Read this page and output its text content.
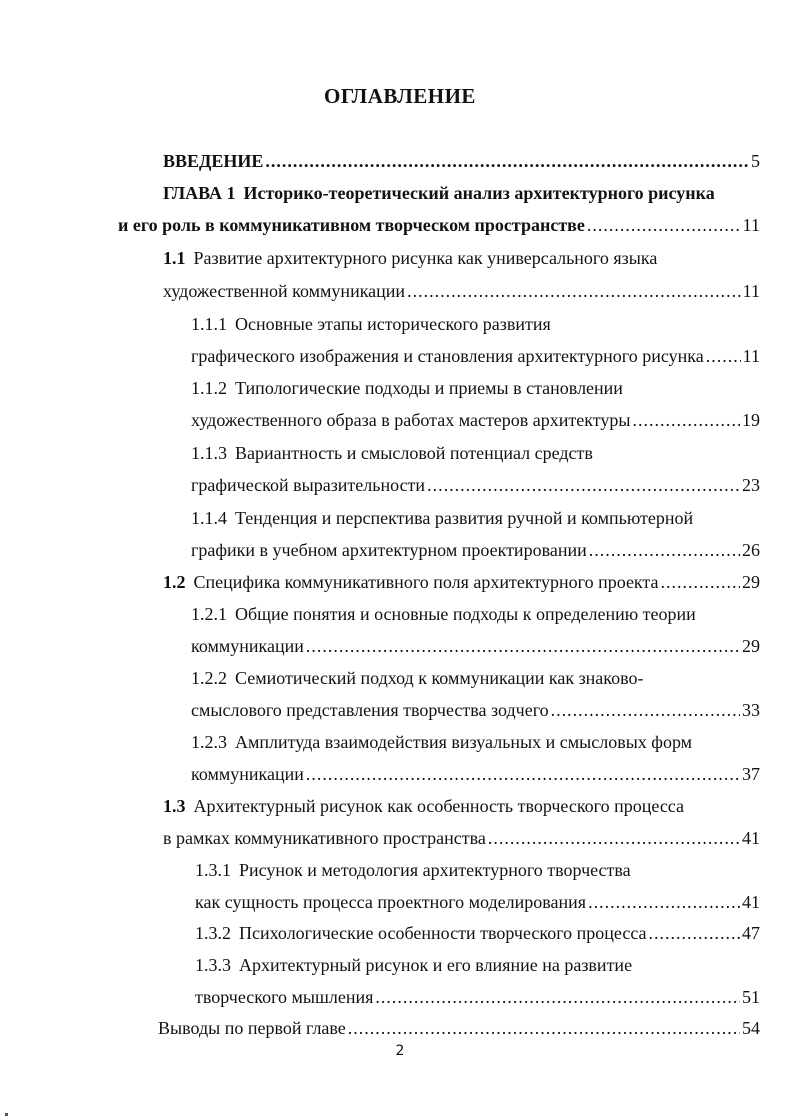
ОГЛАВЛЕНИЕ
ВВЕДЕНИЕ .....	5
ГЛАВА 1 Историко-теоретический анализ архитектурного рисунка
и его роль в коммуникативном творческом пространстве .....	11
1.1 Развитие архитектурного рисунка как универсального языка
художественной коммуникации .....	11
1.1.1 Основные этапы исторического развития
графического изображения и становления архитектурного рисунка ..... 11
1.1.2 Типологические подходы и приемы в становлении
художественного образа в работах мастеров архитектуры .....	19
1.1.3 Вариантность и смысловой потенциал средств
графической выразительности .....	23
1.1.4 Тенденция и перспектива развития ручной и компьютерной
графики в учебном архитектурном проектировании .....	26
1.2 Специфика коммуникативного поля архитектурного проекта .....	29
1.2.1 Общие понятия и основные подходы к определению теории
коммуникации .....	29
1.2.2 Семиотический подход к коммуникации как знаково-
смыслового представления творчества зодчего .....	33
1.2.3 Амплитуда взаимодействия визуальных и смысловых форм
коммуникации .....	37
1.3 Архитектурный рисунок как особенность творческого процесса
в рамках коммуникативного пространства .....	41
1.3.1 Рисунок и методология архитектурного творчества
как сущность процесса проектного моделирования .....	41
1.3.2 Психологические особенности творческого процесса .....	47
1.3.3 Архитектурный рисунок и его влияние на развитие
творческого мышления .....	51
Выводы по первой главе .....	54
2
